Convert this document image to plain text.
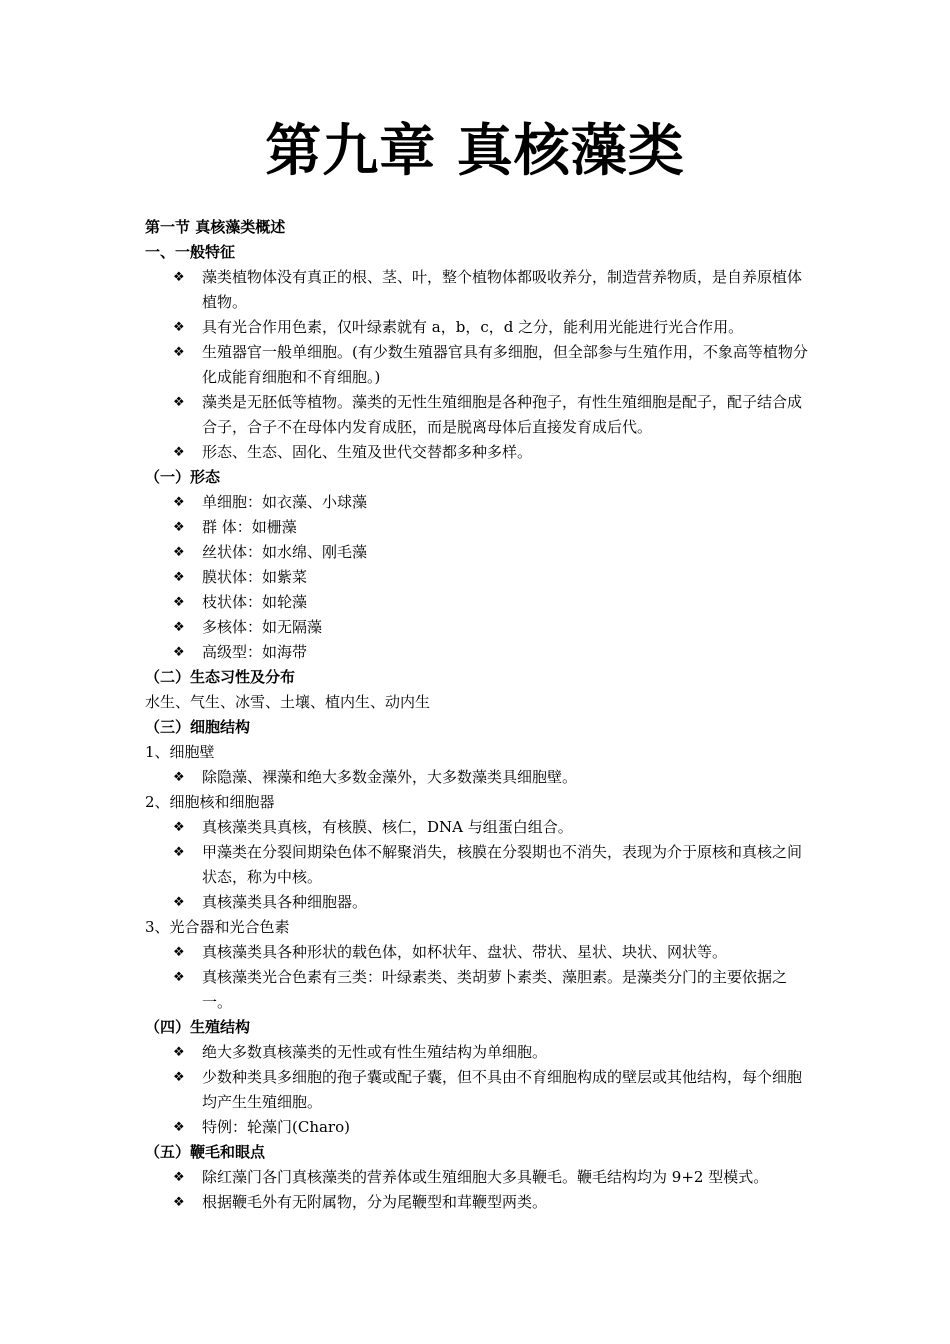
第九章 真核藻类
第一节 真核藻类概述
一、一般特征
❖ 藻类植物体没有真正的根、茎、叶，整个植物体都吸收养分，制造营养物质，是自养原植体植物。
❖ 具有光合作用色素，仅叶绿素就有 a，b，c，d 之分，能利用光能进行光合作用。
❖ 生殖器官一般单细胞。(有少数生殖器官具有多细胞，但全部参与生殖作用，不象高等植物分化成能育细胞和不育细胞。)
❖ 藻类是无胚低等植物。藻类的无性生殖细胞是各种孢子，有性生殖细胞是配子，配子结合成合子，合子不在母体内发育成胚，而是脱离母体后直接发育成后代。
❖ 形态、生态、固化、生殖及世代交替都多种多样。
（一）形态
❖ 单细胞：如衣藻、小球藻
❖ 群 体：如栅藻
❖ 丝状体：如水绵、刚毛藻
❖ 膜状体：如紫菜
❖ 枝状体：如轮藻
❖ 多核体：如无隔藻
❖ 高级型：如海带
（二）生态习性及分布
水生、气生、冰雪、土壤、植内生、动内生
（三）细胞结构
1、细胞壁
❖ 除隐藻、裸藻和绝大多数金藻外，大多数藻类具细胞壁。
2、细胞核和细胞器
❖ 真核藻类具真核，有核膜、核仁，DNA 与组蛋白组合。
❖ 甲藻类在分裂间期染色体不解聚消失，核膜在分裂期也不消失，表现为介于原核和真核之间状态，称为中核。
❖ 真核藻类具各种细胞器。
3、光合器和光合色素
❖ 真核藻类具各种形状的载色体，如杯状年、盘状、带状、星状、块状、网状等。
❖ 真核藻类光合色素有三类：叶绿素类、类胡萝卜素类、藻胆素。是藻类分门的主要依据之一。
（四）生殖结构
❖ 绝大多数真核藻类的无性或有性生殖结构为单细胞。
❖ 少数种类具多细胞的孢子囊或配子囊，但不具由不育细胞构成的壁层或其他结构，每个细胞均产生生殖细胞。
❖ 特例：轮藻门(Charo)
（五）鞭毛和眼点
❖ 除红藻门各门真核藻类的营养体或生殖细胞大多具鞭毛。鞭毛结构均为 9+2 型模式。
❖ 根据鞭毛外有无附属物，分为尾鞭型和茸鞭型两类。
